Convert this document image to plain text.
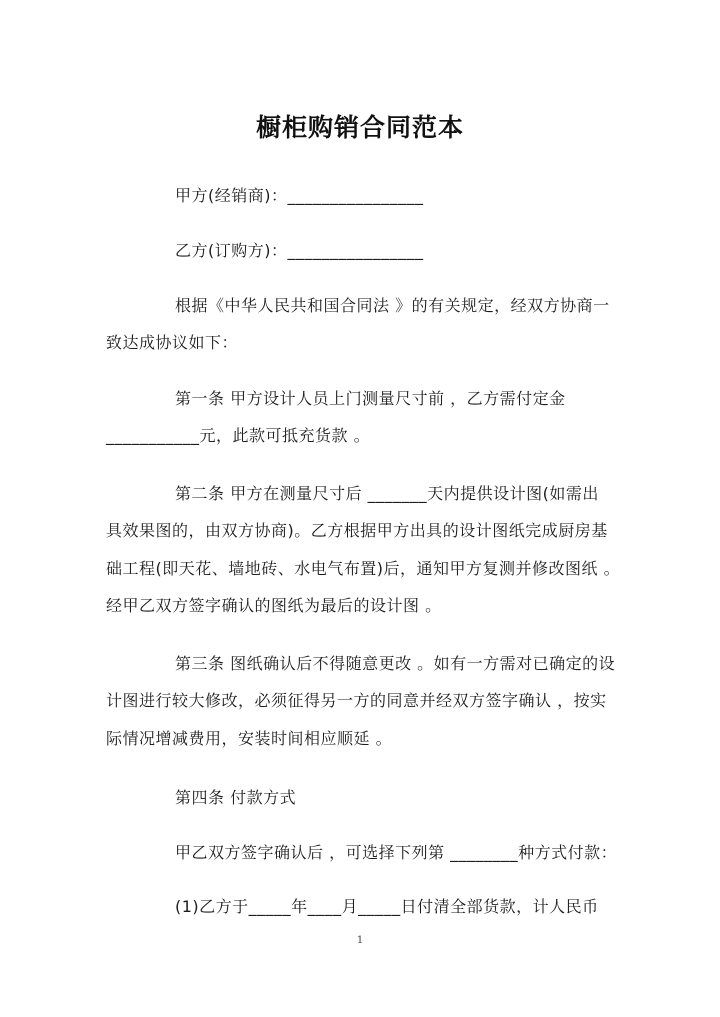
橱柜购销合同范本
甲方(经销商)：________________
乙方(订购方)：________________
根据《中华人民共和国合同法 》的有关规定，经双方协商一
致达成协议如下：
第一条 甲方设计人员上门测量尺寸前 ，乙方需付定金
___________元，此款可抵充货款 。
第二条 甲方在测量尺寸后 _______天内提供设计图(如需出
具效果图的，由双方协商)。乙方根据甲方出具的设计图纸完成厨房基
础工程(即天花、墙地砖、水电气布置)后，通知甲方复测并修改图纸 。
经甲乙双方签字确认的图纸为最后的设计图 。
第三条 图纸确认后不得随意更改 。如有一方需对已确定的设
计图进行较大修改，必须征得另一方的同意并经双方签字确认 ，按实
际情况增减费用，安装时间相应顺延 。
第四条 付款方式
甲乙双方签字确认后 ，可选择下列第 ________种方式付款：
(1)乙方于_____年____月_____日付清全部货款，计人民币
1
